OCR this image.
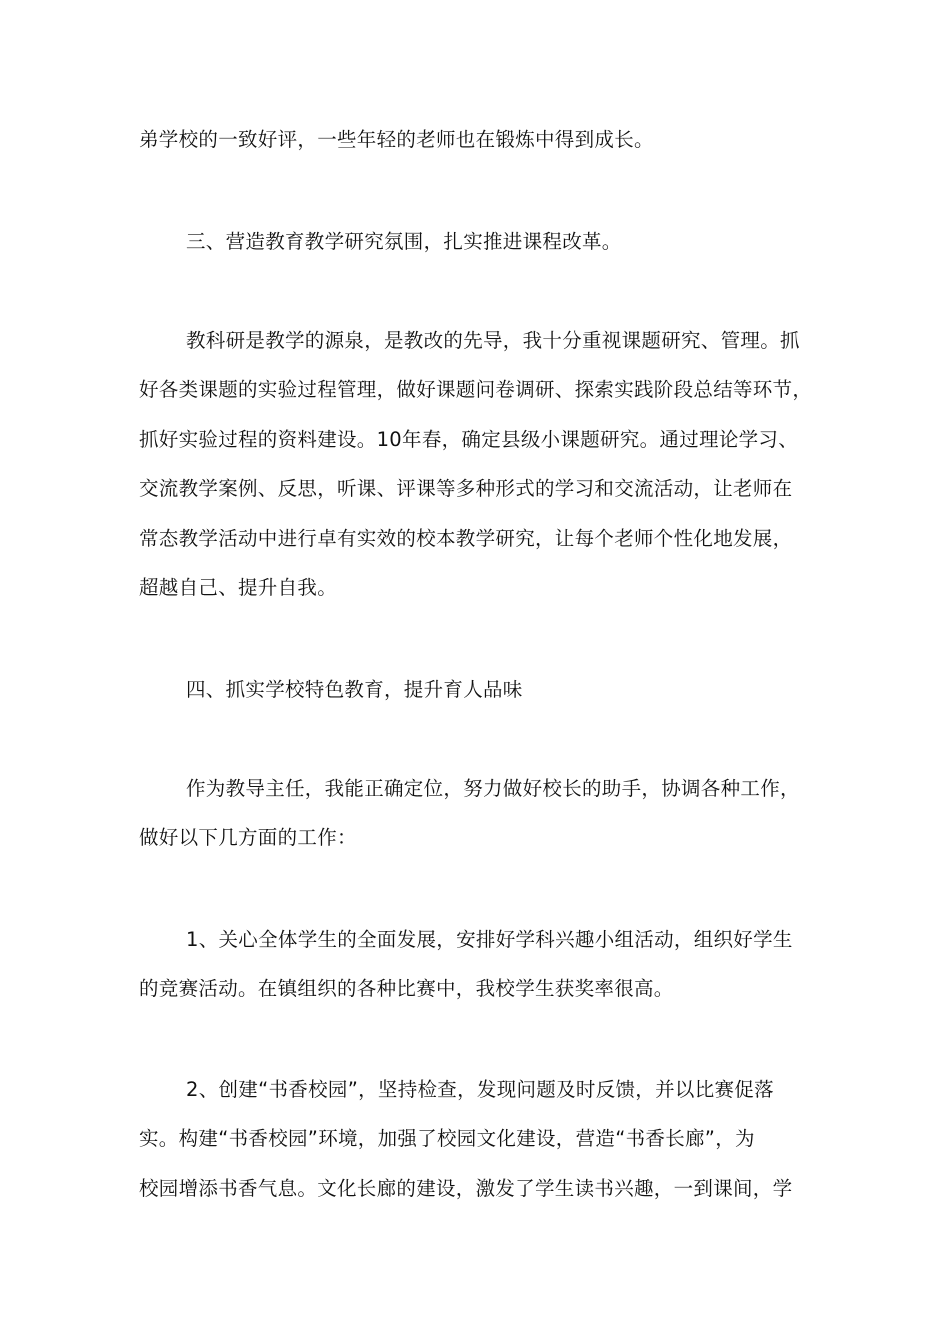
弟学校的一致好评，一些年轻的老师也在锻炼中得到成长。
三、营造教育教学研究氛围，扎实推进课程改革。
教科研是教学的源泉，是教改的先导，我十分重视课题研究、管理。抓
好各类课题的实验过程管理，做好课题问卷调研、探索实践阶段总结等环节，
抓好实验过程的资料建设。10年春，确定县级小课题研究。通过理论学习、
交流教学案例、反思，听课、评课等多种形式的学习和交流活动，让老师在
常态教学活动中进行卓有实效的校本教学研究，让每个老师个性化地发展，
超越自己、提升自我。
四、抓实学校特色教育，提升育人品味
作为教导主任，我能正确定位，努力做好校长的助手，协调各种工作，
做好以下几方面的工作：
1、关心全体学生的全面发展，安排好学科兴趣小组活动，组织好学生
的竞赛活动。在镇组织的各种比赛中，我校学生获奖率很高。
2、创建“书香校园”，坚持检查，发现问题及时反馈，并以比赛促落
实。构建“书香校园”环境，加强了校园文化建设，营造“书香长廊”，为
校园增添书香气息。文化长廊的建设，激发了学生读书兴趣，一到课间，学
